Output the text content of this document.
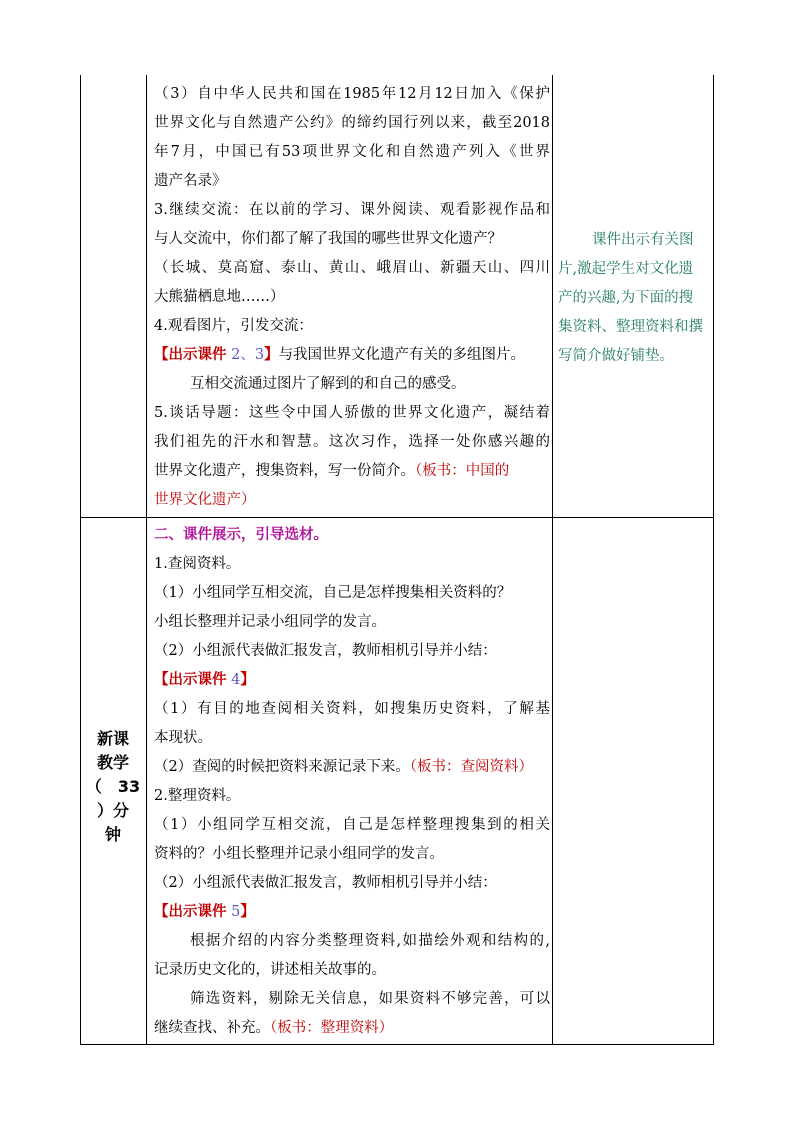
（3）自中华人民共和国在1985年12月12日加入《保护
世界文化与自然遗产公约》的缔约国行列以来，截至2018
年7月，中国已有53项世界文化和自然遗产列入《世界
遗产名录》
3.继续交流：在以前的学习、课外阅读、观看影视作品和
与人交流中，你们都了解了我国的哪些世界文化遗产？
（长城、莫高窟、泰山、黄山、峨眉山、新疆天山、四川
大熊猫栖息地……）
4.观看图片，引发交流：
【出示课件 2、3】与我国世界文化遗产有关的多组图片。
互相交流通过图片了解到的和自己的感受。
5.谈话导题：这些令中国人骄傲的世界文化遗产，凝结着
我们祖先的汗水和智慧。这次习作，选择一处你感兴趣的
世界文化遗产，搜集资料，写一份简介。（板书：中国的
世界文化遗产）
课件出示有关图
片,激起学生对文化遗
产的兴趣,为下面的搜
集资料、整理资料和撰
写简介做好铺垫。
新课
教学
（　33
）分
钟
二、课件展示，引导选材。
1.查阅资料。
（1）小组同学互相交流，自己是怎样搜集相关资料的？
小组长整理并记录小组同学的发言。
（2）小组派代表做汇报发言，教师相机引导并小结：
【出示课件 4】
（1）有目的地查阅相关资料，如搜集历史资料，了解基
本现状。
（2）查阅的时候把资料来源记录下来。（板书：查阅资料）
2.整理资料。
（1）小组同学互相交流，自己是怎样整理搜集到的相关
资料的？小组长整理并记录小组同学的发言。
（2）小组派代表做汇报发言，教师相机引导并小结：
【出示课件 5】
根据介绍的内容分类整理资料,如描绘外观和结构的,
记录历史文化的，讲述相关故事的。
筛选资料，剔除无关信息，如果资料不够完善，可以
继续查找、补充。（板书：整理资料）
